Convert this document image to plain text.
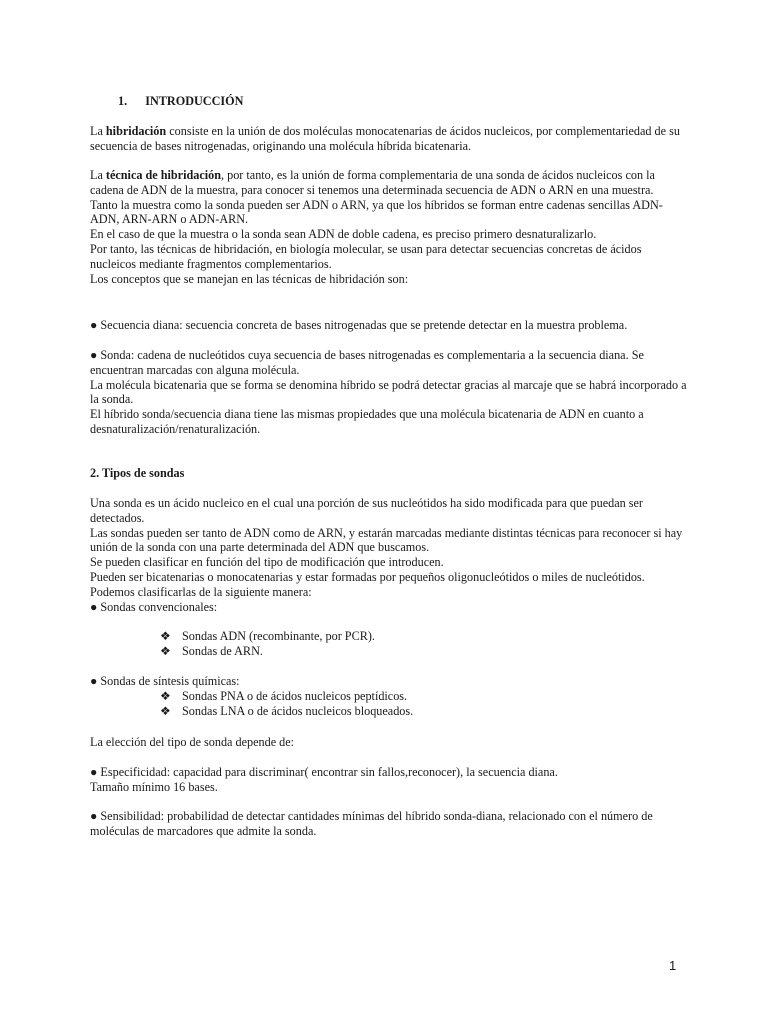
1. INTRODUCCIÓN
La hibridación consiste en la unión de dos moléculas monocatenarias de ácidos nucleicos, por complementariedad de su secuencia de bases nitrogenadas, originando una molécula híbrida bicatenaria.

La técnica de hibridación, por tanto, es la unión de forma complementaria de una sonda de ácidos nucleicos con la cadena de ADN de la muestra, para conocer si tenemos una determinada secuencia de ADN o ARN en una muestra.

Tanto la muestra como la sonda pueden ser ADN o ARN, ya que los híbridos se forman entre cadenas sencillas ADN-ADN, ARN-ARN o ADN-ARN.

En el caso de que la muestra o la sonda sean ADN de doble cadena, es preciso primero desnaturalizarlo.

Por tanto, las técnicas de hibridación, en biología molecular, se usan para detectar secuencias concretas de ácidos nucleicos mediante fragmentos complementarios.

Los conceptos que se manejan en las técnicas de hibridación son:

● Secuencia diana: secuencia concreta de bases nitrogenadas que se pretende detectar en la muestra problema.

● Sonda: cadena de nucleótidos cuya secuencia de bases nitrogenadas es complementaria a la secuencia diana. Se encuentran marcadas con alguna molécula.

La molécula bicatenaria que se forma se denomina híbrido se podrá detectar gracias al marcaje que se habrá incorporado a la sonda.

El híbrido sonda/secuencia diana tiene las mismas propiedades que una molécula bicatenaria de ADN en cuanto a desnaturalización/renaturalización.

2. Tipos de sondas

Una sonda es un ácido nucleico en el cual una porción de sus nucleótidos ha sido modificada para que puedan ser detectados.

Las sondas pueden ser tanto de ADN como de ARN, y estarán marcadas mediante distintas técnicas para reconocer si hay unión de la sonda con una parte determinada del ADN que buscamos.

Se pueden clasificar en función del tipo de modificación que introducen.

Pueden ser bicatenarias o monocatenarias y estar formadas por pequeños oligonucleótidos o miles de nucleótidos.

Podemos clasificarlas de la siguiente manera:

● Sondas convencionales:

❖ Sondas ADN (recombinante, por PCR).
❖ Sondas de ARN.
● Sondas de síntesis químicas:
❖ Sondas PNA o de ácidos nucleicos peptídicos.
❖ Sondas LNA o de ácidos nucleicos bloqueados.
La elección del tipo de sonda depende de:

● Especificidad: capacidad para discriminar( encontrar sin fallos,reconocer), la secuencia diana.

Tamaño mínimo 16 bases.

● Sensibilidad: probabilidad de detectar cantidades mínimas del híbrido sonda-diana, relacionado con el número de moléculas de marcadores que admite la sonda.
1
